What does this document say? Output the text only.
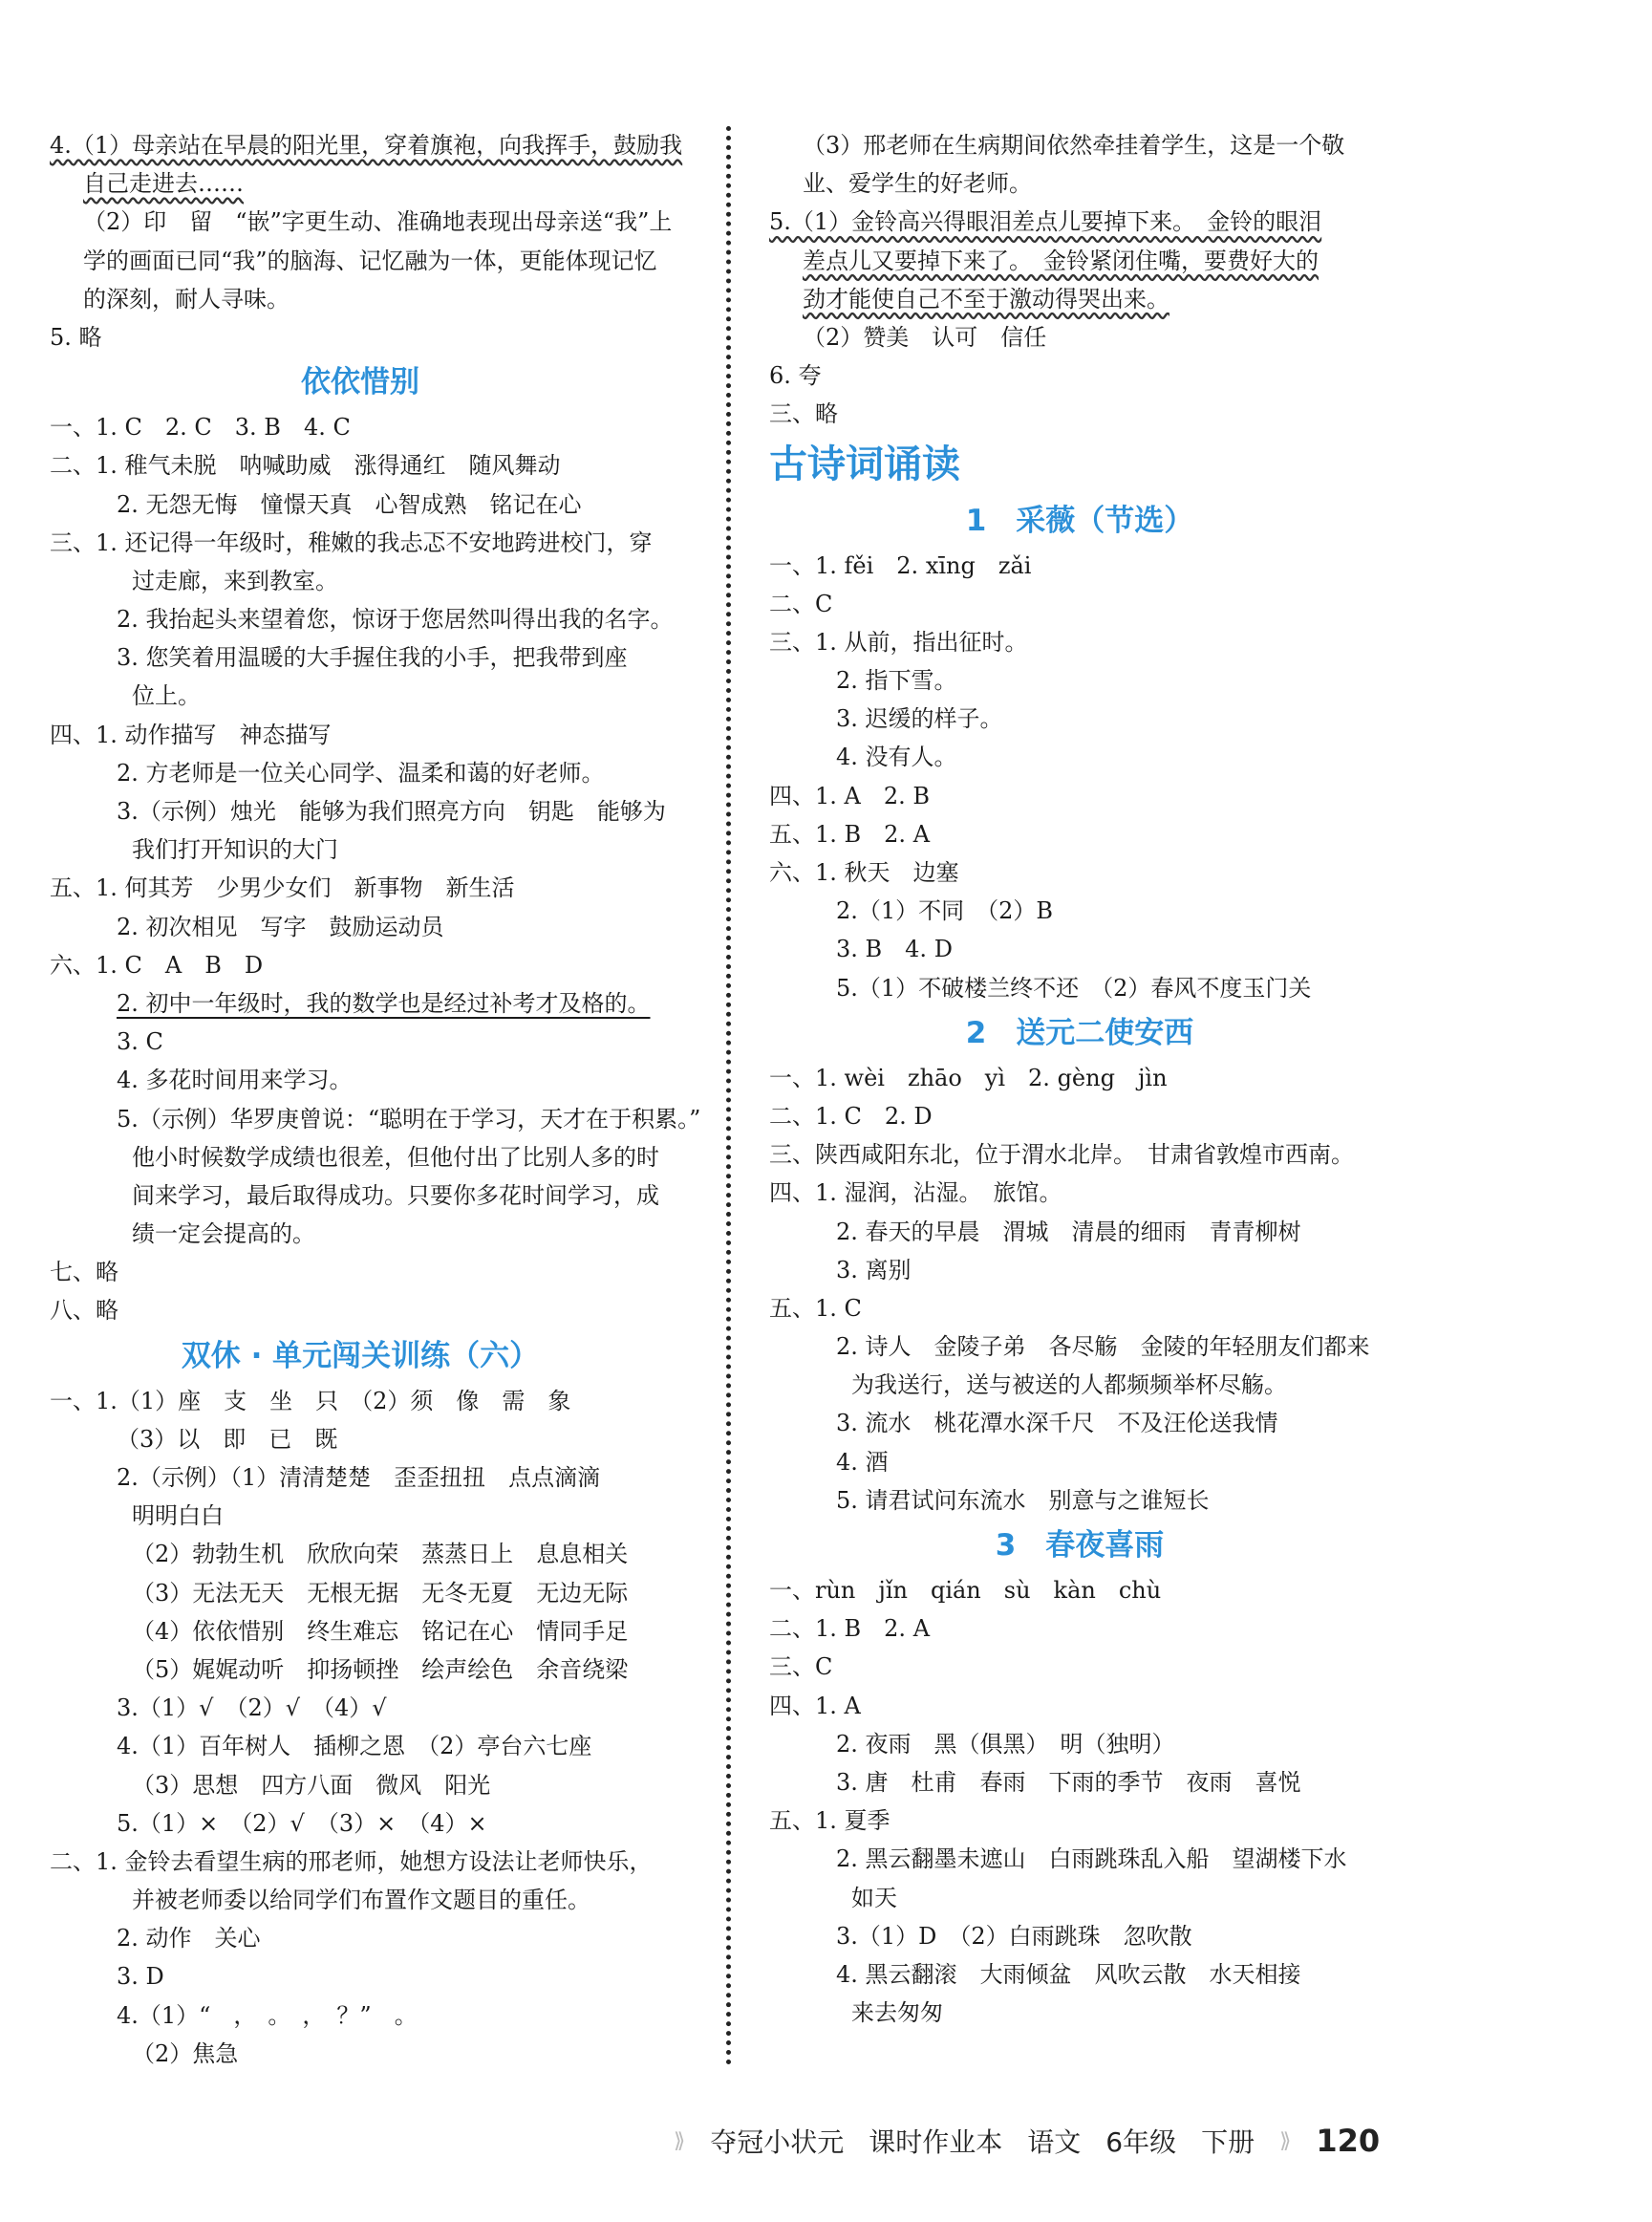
4.（1）母亲站在早晨的阳光里，穿着旗袍，向我挥手，鼓励我
自己走进去……
（2）印　留　“嵌”字更生动、准确地表现出母亲送“我”上
学的画面已同“我”的脑海、记忆融为一体，更能体现记忆
的深刻，耐人寻味。
5. 略
依依惜别
一、1. C　2. C　3. B　4. C
二、1. 稚气未脱　呐喊助威　涨得通红　随风舞动
2. 无怨无悔　憧憬天真　心智成熟　铭记在心
三、1. 还记得一年级时，稚嫩的我忐忑不安地跨进校门，穿
过走廊，来到教室。
2. 我抬起头来望着您，惊讶于您居然叫得出我的名字。
3. 您笑着用温暖的大手握住我的小手，把我带到座
位上。
四、1. 动作描写　神态描写
2. 方老师是一位关心同学、温柔和蔼的好老师。
3.（示例）烛光　能够为我们照亮方向　钥匙　能够为
我们打开知识的大门
五、1. 何其芳　少男少女们　新事物　新生活
2. 初次相见　写字　鼓励运动员
六、1. C　A　B　D
2. 初中一年级时，我的数学也是经过补考才及格的。
3. C
4. 多花时间用来学习。
5.（示例）华罗庚曾说：“聪明在于学习，天才在于积累。”
他小时候数学成绩也很差，但他付出了比别人多的时
间来学习，最后取得成功。只要你多花时间学习，成
绩一定会提高的。
七、略
八、略
双休 · 单元闯关训练（六）
一、1.（1）座　支　坐　只　（2）须　像　需　象
（3）以　即　已　既
2.（示例）（1）清清楚楚　歪歪扭扭　点点滴滴
明明白白
（2）勃勃生机　欣欣向荣　蒸蒸日上　息息相关
（3）无法无天　无根无据　无冬无夏　无边无际
（4）依依惜别　终生难忘　铭记在心　情同手足
（5）娓娓动听　抑扬顿挫　绘声绘色　余音绕梁
3.（1）√　（2）√　（4）√
4.（1）百年树人　插柳之恩　（2）亭台六七座
（3）思想　四方八面　微风　阳光
5.（1）×　（2）√　（3）×　（4）×
二、1. 金铃去看望生病的邢老师，她想方设法让老师快乐，
并被老师委以给同学们布置作文题目的重任。
2. 动作　关心
3. D
4.（1）“　，　。　，　？”　。
（2）焦急
（3）邢老师在生病期间依然牵挂着学生，这是一个敬
业、爱学生的好老师。
5.（1）金铃高兴得眼泪差点儿要掉下来。　金铃的眼泪
差点儿又要掉下来了。　金铃紧闭住嘴，要费好大的
劲才能使自己不至于激动得哭出来。
（2）赞美　认可　信任
6. 夸
三、略
古诗词诵读
1　采薇（节选）
一、1. fěi　2. xīng　zǎi
二、C
三、1. 从前，指出征时。
2. 指下雪。
3. 迟缓的样子。
4. 没有人。
四、1. A　2. B
五、1. B　2. A
六、1. 秋天　边塞
2.（1）不同　（2）B
3. B　4. D
5.（1）不破楼兰终不还　（2）春风不度玉门关
2　送元二使安西
一、1. wèi　zhāo　yì　2. gèng　jìn
二、1. C　2. D
三、陕西咸阳东北，位于渭水北岸。　甘肃省敦煌市西南。
四、1. 湿润，沾湿。　旅馆。
2. 春天的早晨　渭城　清晨的细雨　青青柳树
3. 离别
五、1. C
2. 诗人　金陵子弟　各尽觞　金陵的年轻朋友们都来
为我送行，送与被送的人都频频举杯尽觞。
3. 流水　桃花潭水深千尺　不及汪伦送我情
4. 酒
5. 请君试问东流水　别意与之谁短长
3　春夜喜雨
一、rùn　jǐn　qián　sù　kàn　chù
二、1. B　2. A
三、C
四、1. A
2. 夜雨　黑（俱黑）　明（独明）
3. 唐　杜甫　春雨　下雨的季节　夜雨　喜悦
五、1. 夏季
2. 黑云翻墨未遮山　白雨跳珠乱入船　望湖楼下水
如天
3.（1）D　（2）白雨跳珠　忽吹散
4. 黑云翻滚　大雨倾盆　风吹云散　水天相接
来去匆匆
⟫ 夺冠小状元 课时作业本 语文 6年级 下册 ⟫ 120
